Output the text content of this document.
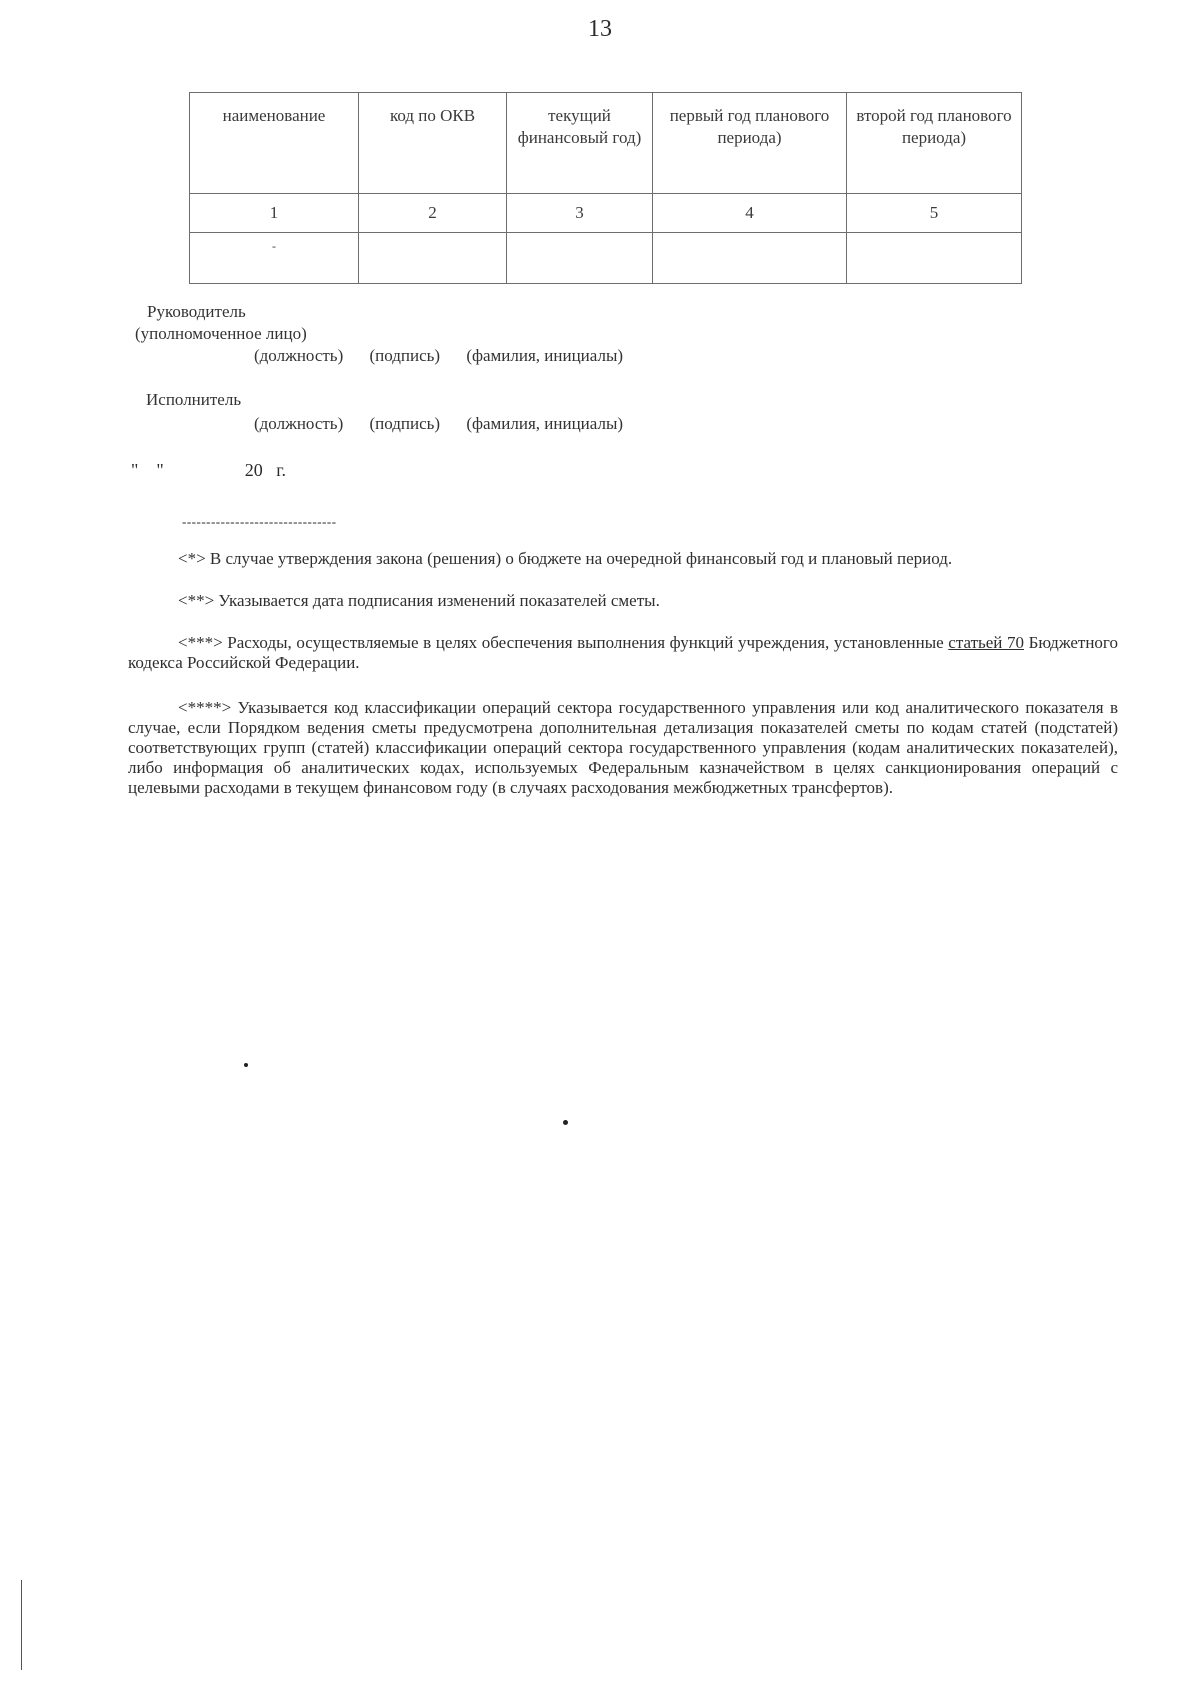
13
наименование	код по ОКВ	текущий финансовый год)	первый год планового периода)	второй год планового периода)
1	2	3	4	5
-				
Руководитель
(уполномоченное лицо)
(должность) (подпись) (фамилия, инициалы)
Исполнитель
(должность) (подпись) (фамилия, инициалы)
"    "                  20   г.
--------------------------------
<*> В случае утверждения закона (решения) о бюджете на очередной финансовый год и плановый период.
<**> Указывается дата подписания изменений показателей сметы.
<***> Расходы, осуществляемые в целях обеспечения выполнения функций учреждения, установленные статьей 70 Бюджетного кодекса Российской Федерации.
<****> Указывается код классификации операций сектора государственного управления или код аналитического показателя в случае, если Порядком ведения сметы предусмотрена дополнительная детализация показателей сметы по кодам статей (подстатей) соответствующих групп (статей) классификации операций сектора государственного управления (кодам аналитических показателей), либо информация об аналитических кодах, используемых Федеральным казначейством в целях санкционирования операций с целевыми расходами в текущем финансовом году (в случаях расходования межбюджетных трансфертов).
